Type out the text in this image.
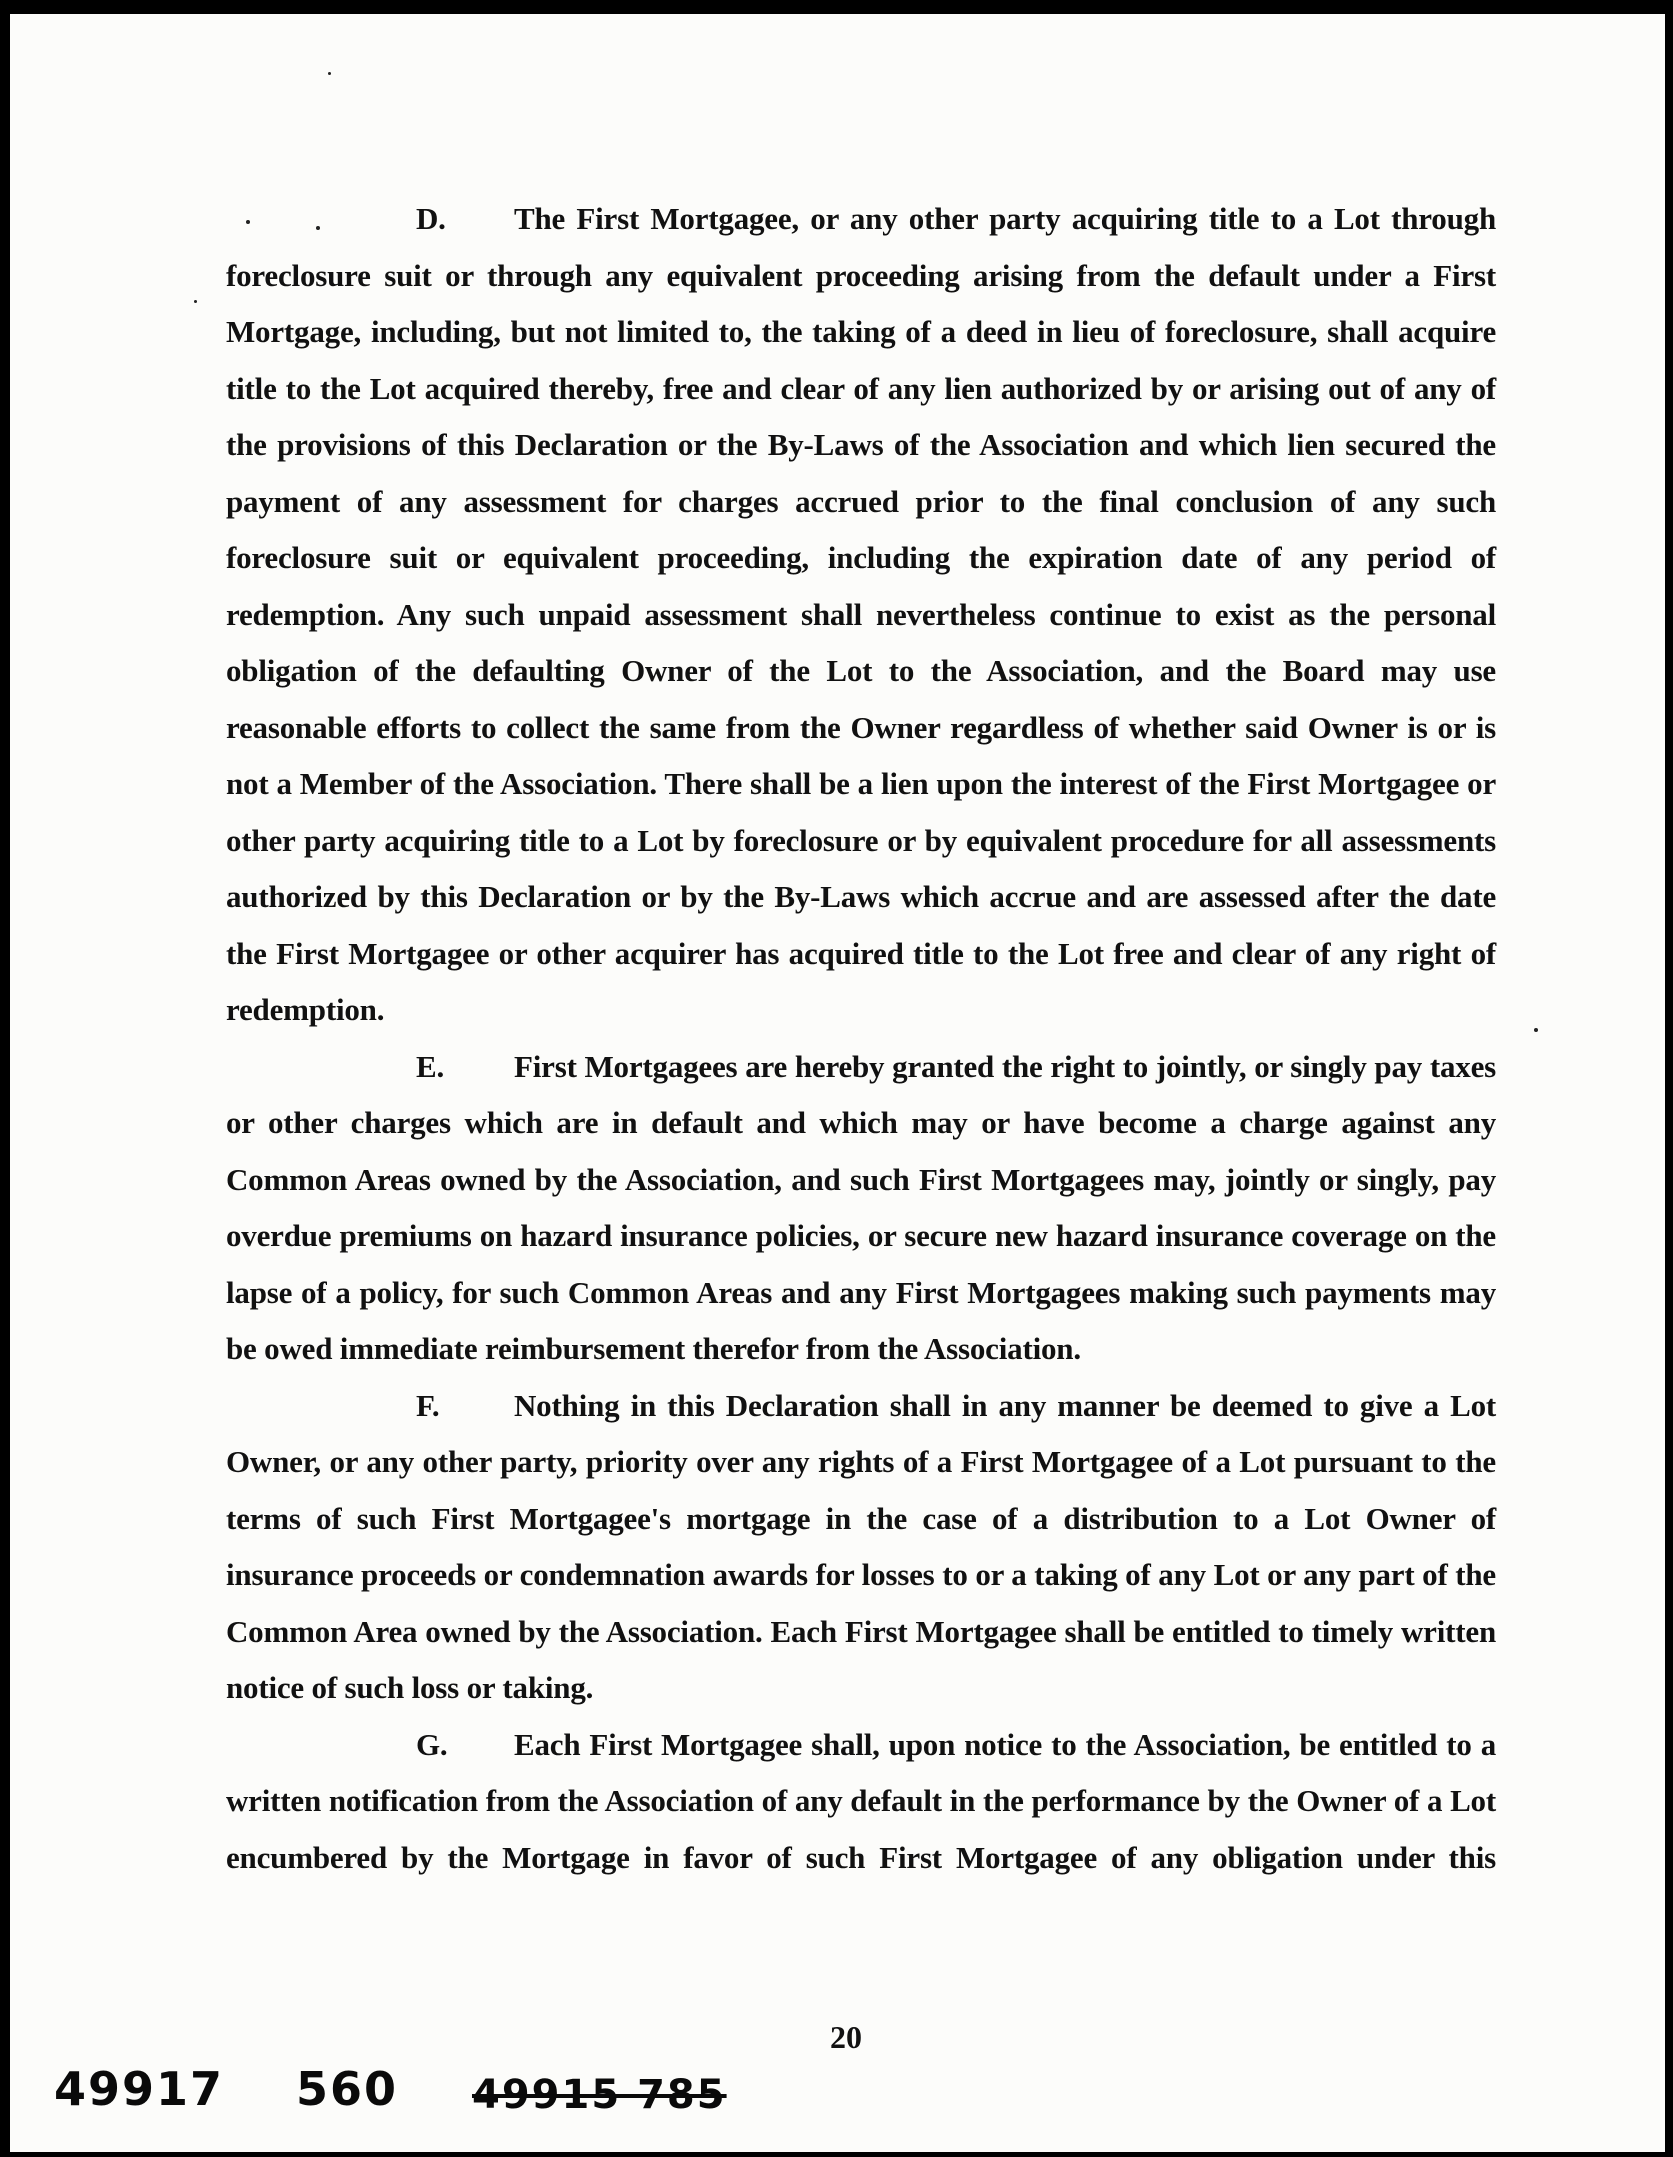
D. The First Mortgagee, or any other party acquiring title to a Lot through foreclosure suit or through any equivalent proceeding arising from the default under a First Mortgage, including, but not limited to, the taking of a deed in lieu of foreclosure, shall acquire title to the Lot acquired thereby, free and clear of any lien authorized by or arising out of any of the provisions of this Declaration or the By-Laws of the Association and which lien secured the payment of any assessment for charges accrued prior to the final conclusion of any such foreclosure suit or equivalent proceeding, including the expiration date of any period of redemption. Any such unpaid assessment shall nevertheless continue to exist as the personal obligation of the defaulting Owner of the Lot to the Association, and the Board may use reasonable efforts to collect the same from the Owner regardless of whether said Owner is or is not a Member of the Association. There shall be a lien upon the interest of the First Mortgagee or other party acquiring title to a Lot by foreclosure or by equivalent procedure for all assessments authorized by this Declaration or by the By-Laws which accrue and are assessed after the date the First Mortgagee or other acquirer has acquired title to the Lot free and clear of any right of redemption.

E. First Mortgagees are hereby granted the right to jointly, or singly pay taxes or other charges which are in default and which may or have become a charge against any Common Areas owned by the Association, and such First Mortgagees may, jointly or singly, pay overdue premiums on hazard insurance policies, or secure new hazard insurance coverage on the lapse of a policy, for such Common Areas and any First Mortgagees making such payments may be owed immediate reimbursement therefor from the Association.

F. Nothing in this Declaration shall in any manner be deemed to give a Lot Owner, or any other party, priority over any rights of a First Mortgagee of a Lot pursuant to the terms of such First Mortgagee's mortgage in the case of a distribution to a Lot Owner of insurance proceeds or condemnation awards for losses to or a taking of any Lot or any part of the Common Area owned by the Association. Each First Mortgagee shall be entitled to timely written notice of such loss or taking.

G. Each First Mortgagee shall, upon notice to the Association, be entitled to a written notification from the Association of any default in the performance by the Owner of a Lot encumbered by the Mortgage in favor of such First Mortgagee of any obligation under this

20
49917 560 49915 785
